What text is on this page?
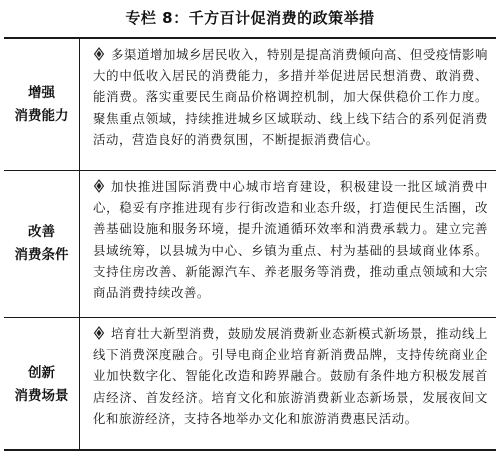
专栏 8：千方百计促消费的政策举措
增强
消费能力

多渠道增加城乡居民收入，特别是提高消费倾向高、但受疫情影响大的中低收入居民的消费能力，多措并举促进居民想消费、敢消费、能消费。落实重要民生商品价格调控机制，加大保供稳价工作力度。聚焦重点领域，持续推进城乡区域联动、线上线下结合的系列促消费活动，营造良好的消费氛围，不断提振消费信心。

改善
消费条件

加快推进国际消费中心城市培育建设，积极建设一批区域消费中心，稳妥有序推进现有步行街改造和业态升级，打造便民生活圈，改善基础设施和服务环境，提升流通循环效率和消费承载力。建立完善县域统筹，以县城为中心、乡镇为重点、村为基础的县域商业体系。支持住房改善、新能源汽车、养老服务等消费，推动重点领域和大宗商品消费持续改善。

创新
消费场景

培育壮大新型消费，鼓励发展消费新业态新模式新场景，推动线上线下消费深度融合。引导电商企业培育新消费品牌，支持传统商业企业加快数字化、智能化改造和跨界融合。鼓励有条件地方积极发展首店经济、首发经济。培育文化和旅游消费新业态新场景，发展夜间文化和旅游经济，支持各地举办文化和旅游消费惠民活动。
